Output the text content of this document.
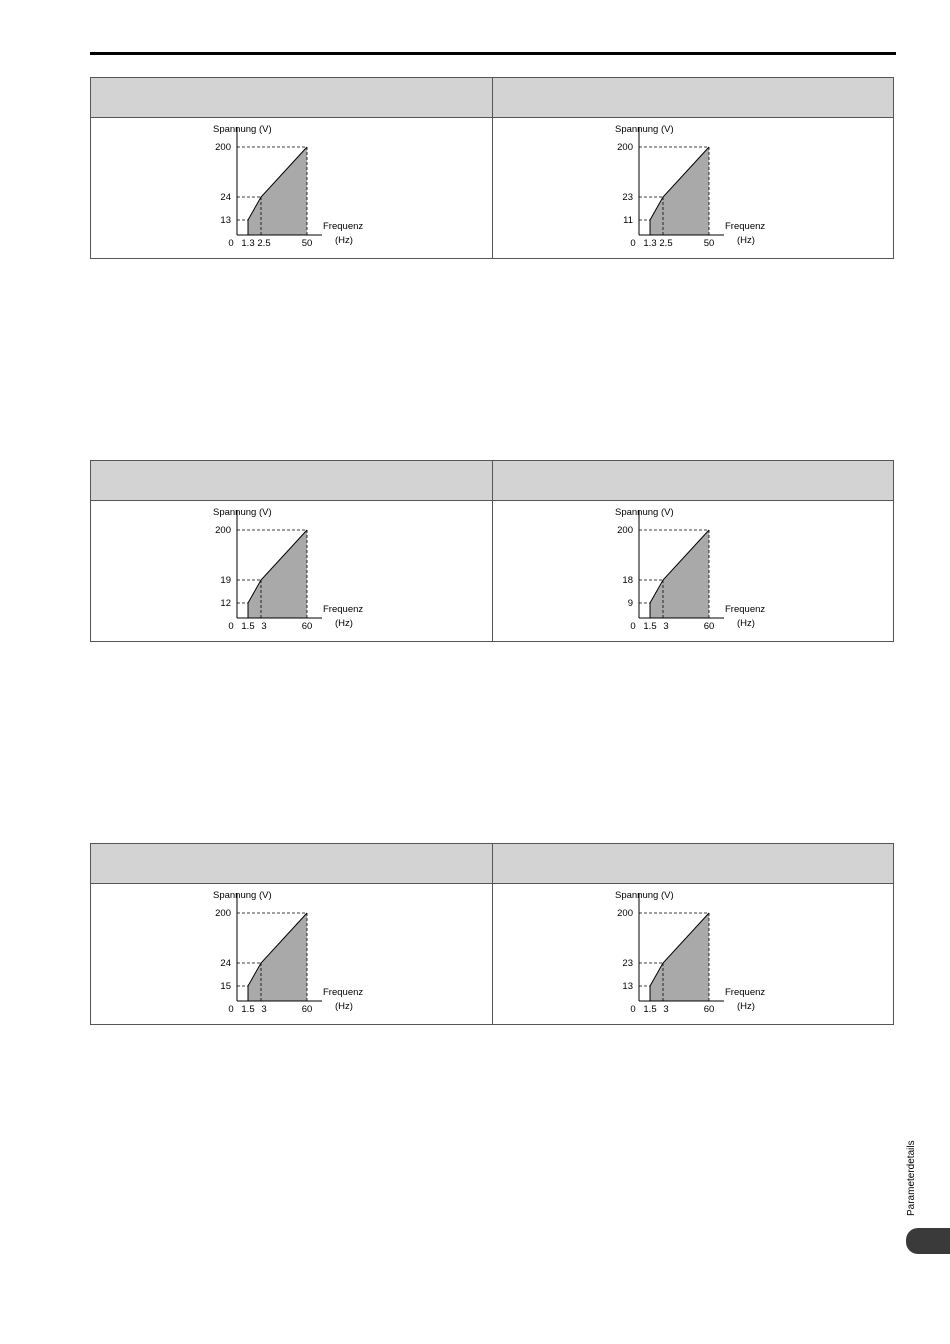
0 1.3 2.5	50
200
24
13
Spannung (V)
Frequenz
(Hz)	0 1.3 2.5	50
200
23
11
Spannung (V)
Frequenz
(Hz)
0 1.5 3	60
200
19
12
Spannung (V)
Frequenz
(Hz)	0 1.5 3	60
200
18
9
Spannung (V)
Frequenz
(Hz)
0 1.5 3	60
200
24
15
Spannung (V)
Frequenz
(Hz)	0 1.5 3	60
200
23
13
Spannung (V)
Frequenz
(Hz)
Parameterdetails
